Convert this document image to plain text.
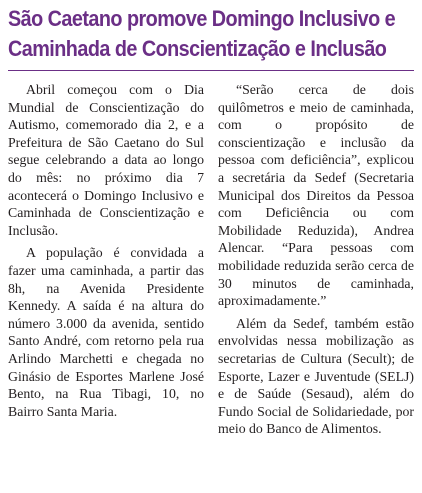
São Caetano promove Domingo Inclusivo e
Caminhada de Conscientização e Inclusão

Abril começou com o Dia Mundial de Conscientização do Autismo, comemorado dia 2, e a Prefeitura de São Caetano do Sul segue celebrando a data ao longo do mês: no próximo dia 7 acontecerá o Domingo Inclusivo e Caminhada de Conscientização e Inclusão.

A população é convidada a fazer uma caminhada, a partir das 8h, na Avenida Presidente Kennedy. A saída é na altura do número 3.000 da avenida, sentido Santo André, com retorno pela rua Arlindo Marchetti e chegada no Ginásio de Esportes Marlene José Bento, na Rua Tibagi, 10, no Bairro Santa Maria.

“Serão cerca de dois quilômetros e meio de caminhada, com o propósito de conscientização e inclusão da pessoa com deficiência”, explicou a secretária da Sedef (Secretaria Municipal dos Direitos da Pessoa com Deficiência ou com Mobilidade Reduzida), Andrea Alencar. “Para pessoas com mobilidade reduzida serão cerca de 30 minutos de caminhada, aproximadamente.”

Além da Sedef, também estão envolvidas nessa mobilização as secretarias de Cultura (Secult); de Esporte, Lazer e Juventude (SELJ) e de Saúde (Sesaud), além do Fundo Social de Solidariedade, por meio do Banco de Alimentos.
